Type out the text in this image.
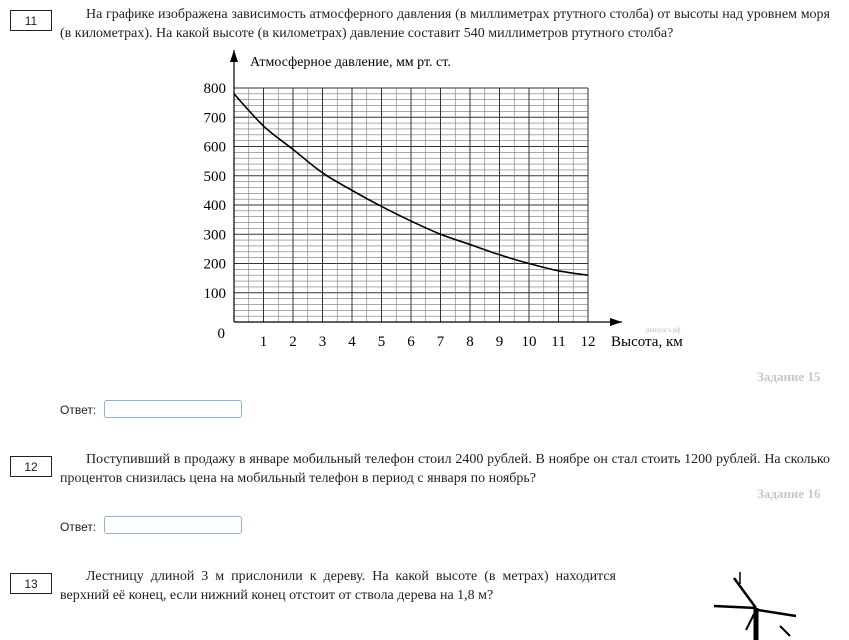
11	На графике изображена зависимость атмосферного давления (в миллиметрах ртутного столба) от высоты над уровнем моря (в километрах). На какой высоте (в километрах) давление составит 540 миллиметров ртутного столба?

100
200
300
400
500
600
700
800
1 2 3 4 5 6 7 8 9 10 11 12
0
Атмосферное давление, мм рт. ст.
Высота, км
решуогэ.рф
Задание 15
Ответ:
12	Поступивший в продажу в январе мобильный телефон стоил 2400 рублей. В ноябре он стал стоить 1200 рублей. На сколько процентов снизилась цена на мобильный телефон в период с января по ноябрь?

Задание 16
Ответ:
13	Лестницу длиной 3 м прислонили к дереву. На какой высоте (в метрах) находится верхний её конец, если нижний конец отстоит от ствола дерева на 1,8 м?
